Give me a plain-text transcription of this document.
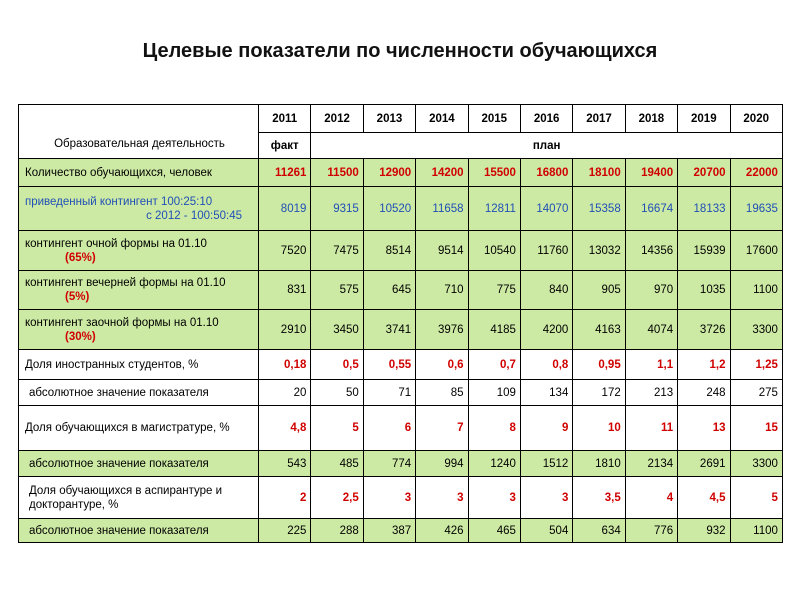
Целевые показатели по численности обучающихся
Образовательная деятельность	2011	2012	2013	2014	2015	2016	2017	2018	2019	2020
	факт	план								
Количество обучающихся, человек	11261	11500	12900	14200	15500	16800	18100	19400	20700	22000
приведенный контингент 100:25:10
с 2012 - 100:50:45	8019	9315	10520	11658	12811	14070	15358	16674	18133	19635
контингент очной формы на 01.10
(65%)	7520	7475	8514	9514	10540	11760	13032	14356	15939	17600
контингент вечерней формы на 01.10
(5%)	831	575	645	710	775	840	905	970	1035	1100
контингент заочной формы на 01.10
(30%)	2910	3450	3741	3976	4185	4200	4163	4074	3726	3300
Доля иностранных студентов, %	0,18	0,5	0,55	0,6	0,7	0,8	0,95	1,1	1,2	1,25
абсолютное значение показателя	20	50	71	85	109	134	172	213	248	275
Доля обучающихся в магистратуре, %	4,8	5	6	7	8	9	10	11	13	15
абсолютное значение показателя	543	485	774	994	1240	1512	1810	2134	2691	3300
Доля обучающихся в аспирантуре и докторантуре, %	2	2,5	3	3	3	3	3,5	4	4,5	5
абсолютное значение показателя	225	288	387	426	465	504	634	776	932	1100
